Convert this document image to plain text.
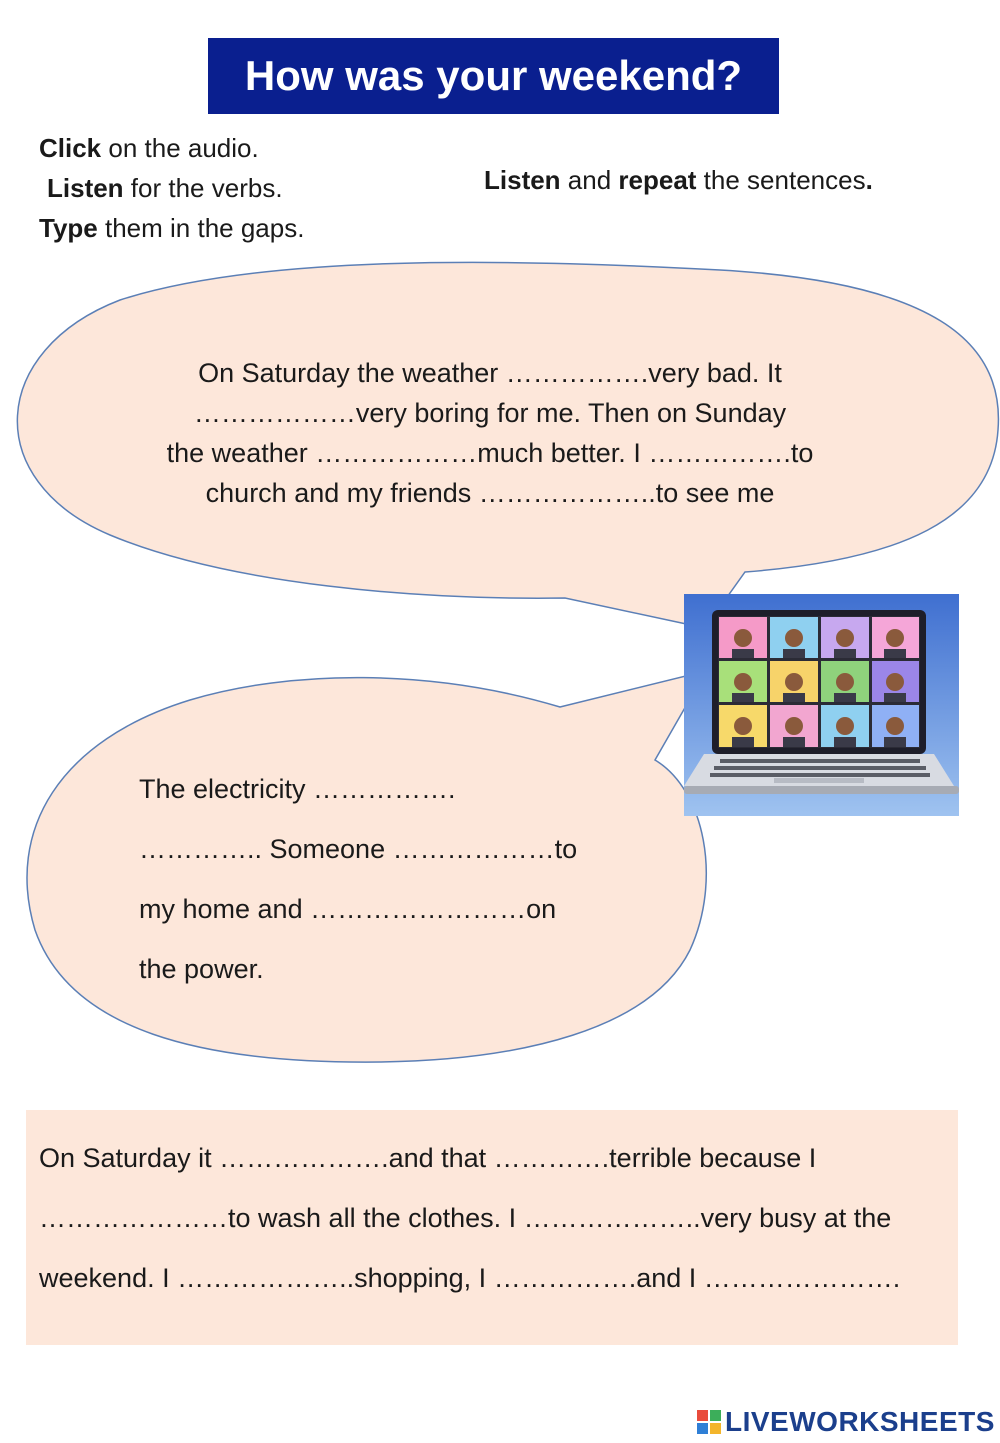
How was your weekend?
Click on the audio.
Listen for the verbs.
Type them in the gaps.
Listen and repeat the sentences.
On Saturday the weather …………….very bad. It
………………very boring for me. Then on Sunday
the weather ………………much better. I …………….to
church and my friends ………………..to see me
The electricity …………….
………….. Someone ………………to
my home and ……………………on
the power.
On Saturday it ……………….and that ………….terrible because I
…………………to wash all the clothes. I ………………..very busy at the
weekend. I ………………..shopping, I …………….and I ………………….
LIVEWORKSHEETS
